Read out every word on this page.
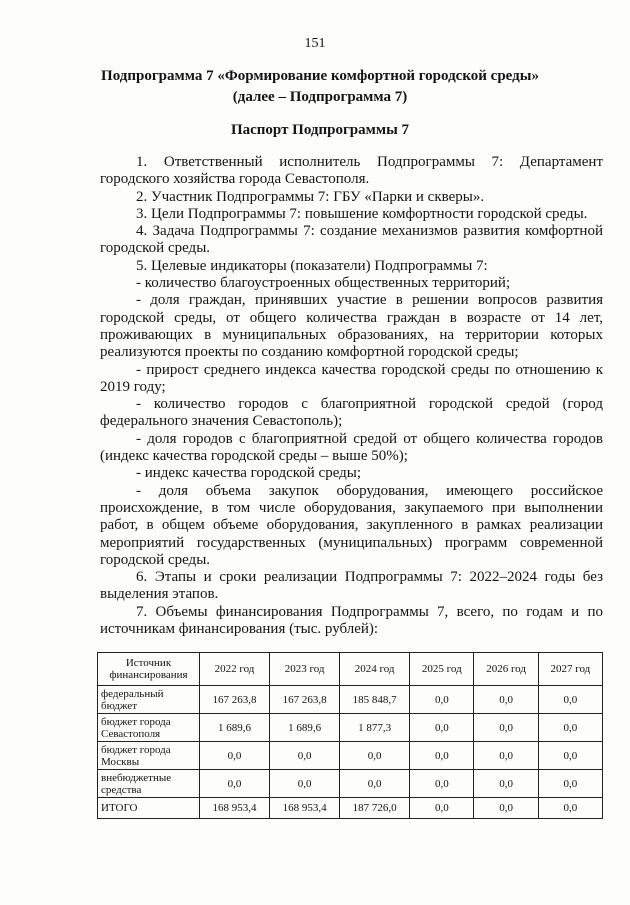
151
Подпрограмма 7 «Формирование комфортной городской среды»
(далее – Подпрограмма 7)
Паспорт Подпрограммы 7

1. Ответственный исполнитель Подпрограммы 7: Департамент городского хозяйства города Севастополя.

2. Участник Подпрограммы 7: ГБУ «Парки и скверы».

3. Цели Подпрограммы 7: повышение комфортности городской среды.

4. Задача Подпрограммы 7: создание механизмов развития комфортной городской среды.

5. Целевые индикаторы (показатели) Подпрограммы 7:

- количество благоустроенных общественных территорий;

- доля граждан, принявших участие в решении вопросов развития городской среды, от общего количества граждан в возрасте от 14 лет, проживающих в муниципальных образованиях, на территории которых реализуются проекты по созданию комфортной городской среды;

- прирост среднего индекса качества городской среды по отношению к 2019 году;

- количество городов с благоприятной городской средой (город федерального значения Севастополь);

- доля городов с благоприятной средой от общего количества городов (индекс качества городской среды – выше 50%);

- индекс качества городской среды;

- доля объема закупок оборудования, имеющего российское происхождение, в том числе оборудования, закупаемого при выполнении работ, в общем объеме оборудования, закупленного в рамках реализации мероприятий государственных (муниципальных) программ современной городской среды.

6. Этапы и сроки реализации Подпрограммы 7: 2022–2024 годы без выделения этапов.

7. Объемы финансирования Подпрограммы 7, всего, по годам и по источникам финансирования (тыс. рублей):

Источник финансирования	2022 год	2023 год	2024 год	2025 год	2026 год	2027 год
федеральный бюджет	167 263,8	167 263,8	185 848,7	0,0	0,0	0,0
бюджет города Севастополя	1 689,6	1 689,6	1 877,3	0,0	0,0	0,0
бюджет города Москвы	0,0	0,0	0,0	0,0	0,0	0,0
внебюджетные средства	0,0	0,0	0,0	0,0	0,0	0,0
ИТОГО	168 953,4	168 953,4	187 726,0	0,0	0,0	0,0
